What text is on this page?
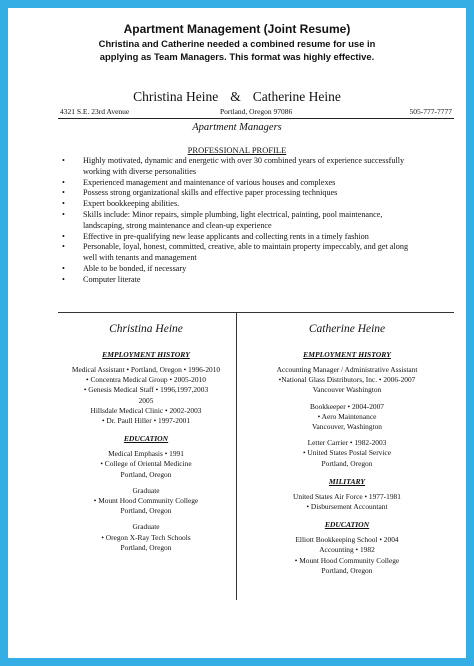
Apartment Management (Joint Resume)
Christina and Catherine needed a combined resume for use in applying as Team Managers. This format was highly effective.
Christina Heine & Catherine Heine
4321 S.E. 23rd Avenue	Portland, Oregon 97086	505-777-7777
Apartment Managers
PROFESSIONAL PROFILE
• Highly motivated, dynamic and energetic with over 30 combined years of experience successfully working with diverse personalities
• Experienced management and maintenance of various houses and complexes
• Possess strong organizational skills and effective paper processing techniques
• Expert bookkeeping abilities.
• Skills include: Minor repairs, simple plumbing, light electrical, painting, pool maintenance, landscaping, strong maintenance and clean-up experience
• Effective in pre-qualifying new lease applicants and collecting rents in a timely fashion
• Personable, loyal, honest, committed, creative, able to maintain property impeccably, and get along well with tenants and management
• Able to be bonded, if necessary
• Computer literate
Christina Heine
EMPLOYMENT HISTORY
Medical Assistant • Portland, Oregon • 1996-2010
• Concentra Medical Group • 2005-2010
• Genesis Medical Staff • 1996,1997,2003
2005
Hillsdale Medical Clinic • 2002-2003
• Dr. Paull Hiller • 1997-2001
EDUCATION
Medical Emphasis • 1991
• College of Oriental Medicine
Portland, Oregon
Graduate
• Mount Hood Community College
Portland, Oregon
Graduate
• Oregon X-Ray Tech Schools
Portland, Oregon
Catherine Heine
EMPLOYMENT HISTORY
Accounting Manager / Administrative Assistant
•National Glass Distributors, Inc. • 2006-2007
Vancouver Washington
Bookkeeper • 2004-2007
• Aero Maintenance
Vancouver, Washington
Letter Carrier • 1982-2003
• United States Postal Service
Portland, Oregon
MILITARY
United States Air Force • 1977-1981
• Disbursement Accountant
EDUCATION
Elliott Bookkeeping School • 2004
Accounting • 1982
• Mount Hood Community College
Portland, Oregon
